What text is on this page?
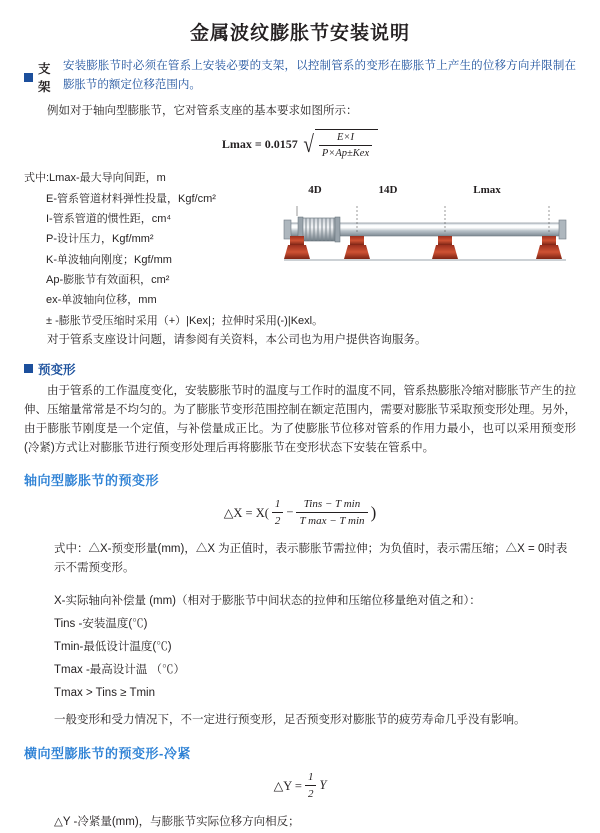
金属波纹膨胀节安装说明
支架
安装膨胀节时必须在管系上安装必要的支架，以控制管系的变形在膨胀节上产生的位移方向并限制在膨胀节的额定位移范围内。

例如对于轴向型膨胀节，它对管系支座的基本要求如图所示：

Lmax = 0.0157 √ $\frac{E\times I}{\text{P×Ap±Kex}}$
式中:Lmax-最大导向间距，m
E-管系管道材料弹性投量，Kgf/cm²
I-管系管道的惯性距，cm⁴
P-设计压力，Kgf/mm²
K-单波轴向刚度；Kgf/mm
Ap-膨胀节有效面积，cm²
ex-单波轴向位移，mm
± -膨胀节受压缩时采用（+）|Kex|；拉伸时采用(-)|Kexl。
4D	14D	Lmax

对于管系支座设计问题，请参阅有关资料，本公司也为用户提供咨询服务。

预变形

由于管系的工作温度变化，安装膨胀节时的温度与工作时的温度不同，管系热膨胀冷缩对膨胀节产生的拉伸、压缩量常常是不均匀的。为了膨胀节变形范围控制在额定范围内，需要对膨胀节采取预变形处理。另外，由于膨胀节刚度是一个定值，与补偿量成正比。为了使膨胀节位移对管系的作用力最小，也可以采用预变形(冷紧)方式让对膨胀节进行预变形处理后再将膨胀节在变形状态下安装在管系中。

轴向型膨胀节的预变形
△X = $X( \frac{1}{2} - \frac{\text{Tins − T min}}{\text{T max − T min}}$ )

式中：△X-预变形量(mm)，△X 为正值时，表示膨胀节需拉伸；为负值时，表示需压缩；△X = 0时表示不需预变形。

X-实际轴向补偿量 (mm)（相对于膨胀节中间状态的拉伸和压缩位移量绝对值之和）：
Tins -安装温度(℃)
Tmin-最低设计温度(℃)
Tmax -最高设计温 （℃）
Tmax > Tins ≥ Tmin

一般变形和受力情况下，不一定进行预变形，足否预变形对膨胀节的疲劳寿命几乎没有影响。

横向型膨胀节的预变形-冷紧
△Y = $\frac{1}{2}$ Y

△Y -冷紧量(mm)，与膨胀节实际位移方向相反；
